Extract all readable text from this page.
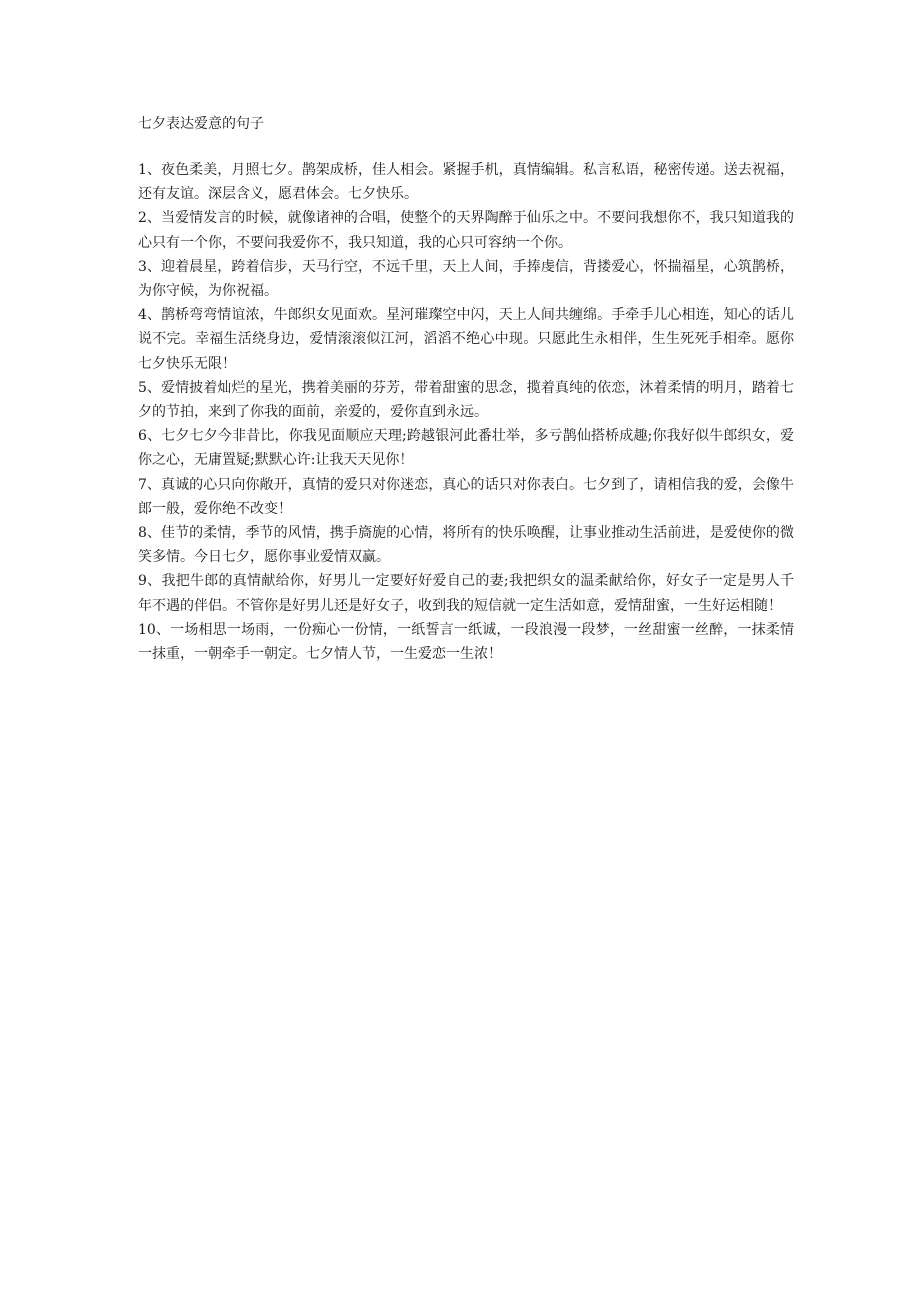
七夕表达爱意的句子

1、夜色柔美，月照七夕。鹊架成桥，佳人相会。紧握手机，真情编辑。私言私语，秘密传递。送去祝福，还有友谊。深层含义，愿君体会。七夕快乐。

2、当爱情发言的时候，就像诸神的合唱，使整个的天界陶醉于仙乐之中。不要问我想你不，我只知道我的心只有一个你，不要问我爱你不，我只知道，我的心只可容纳一个你。

3、迎着晨星，跨着信步，天马行空，不远千里，天上人间，手捧虔信，背搂爱心，怀揣福星，心筑鹊桥，为你守候，为你祝福。

4、鹊桥弯弯情谊浓，牛郎织女见面欢。星河璀璨空中闪，天上人间共缠绵。手牵手儿心相连，知心的话儿说不完。幸福生活绕身边，爱情滚滚似江河，滔滔不绝心中现。只愿此生永相伴，生生死死手相牵。愿你七夕快乐无限！

5、爱情披着灿烂的星光，携着美丽的芬芳，带着甜蜜的思念，揽着真纯的依恋，沐着柔情的明月，踏着七夕的节拍，来到了你我的面前，亲爱的，爱你直到永远。

6、七夕七夕今非昔比，你我见面顺应天理;跨越银河此番壮举，多亏鹊仙搭桥成趣;你我好似牛郎织女，爱你之心，无庸置疑;默默心许:让我天天见你！

7、真诚的心只向你敞开，真情的爱只对你迷恋，真心的话只对你表白。七夕到了，请相信我的爱，会像牛郎一般，爱你绝不改变！

8、佳节的柔情，季节的风情，携手旖旎的心情，将所有的快乐唤醒，让事业推动生活前进，是爱使你的微笑多情。今日七夕，愿你事业爱情双赢。

9、我把牛郎的真情献给你，好男儿一定要好好爱自己的妻;我把织女的温柔献给你，好女子一定是男人千年不遇的伴侣。不管你是好男儿还是好女子，收到我的短信就一定生活如意，爱情甜蜜，一生好运相随！

10、一场相思一场雨，一份痴心一份情，一纸誓言一纸诚，一段浪漫一段梦，一丝甜蜜一丝醉，一抹柔情一抹重，一朝牵手一朝定。七夕情人节，一生爱恋一生浓！
